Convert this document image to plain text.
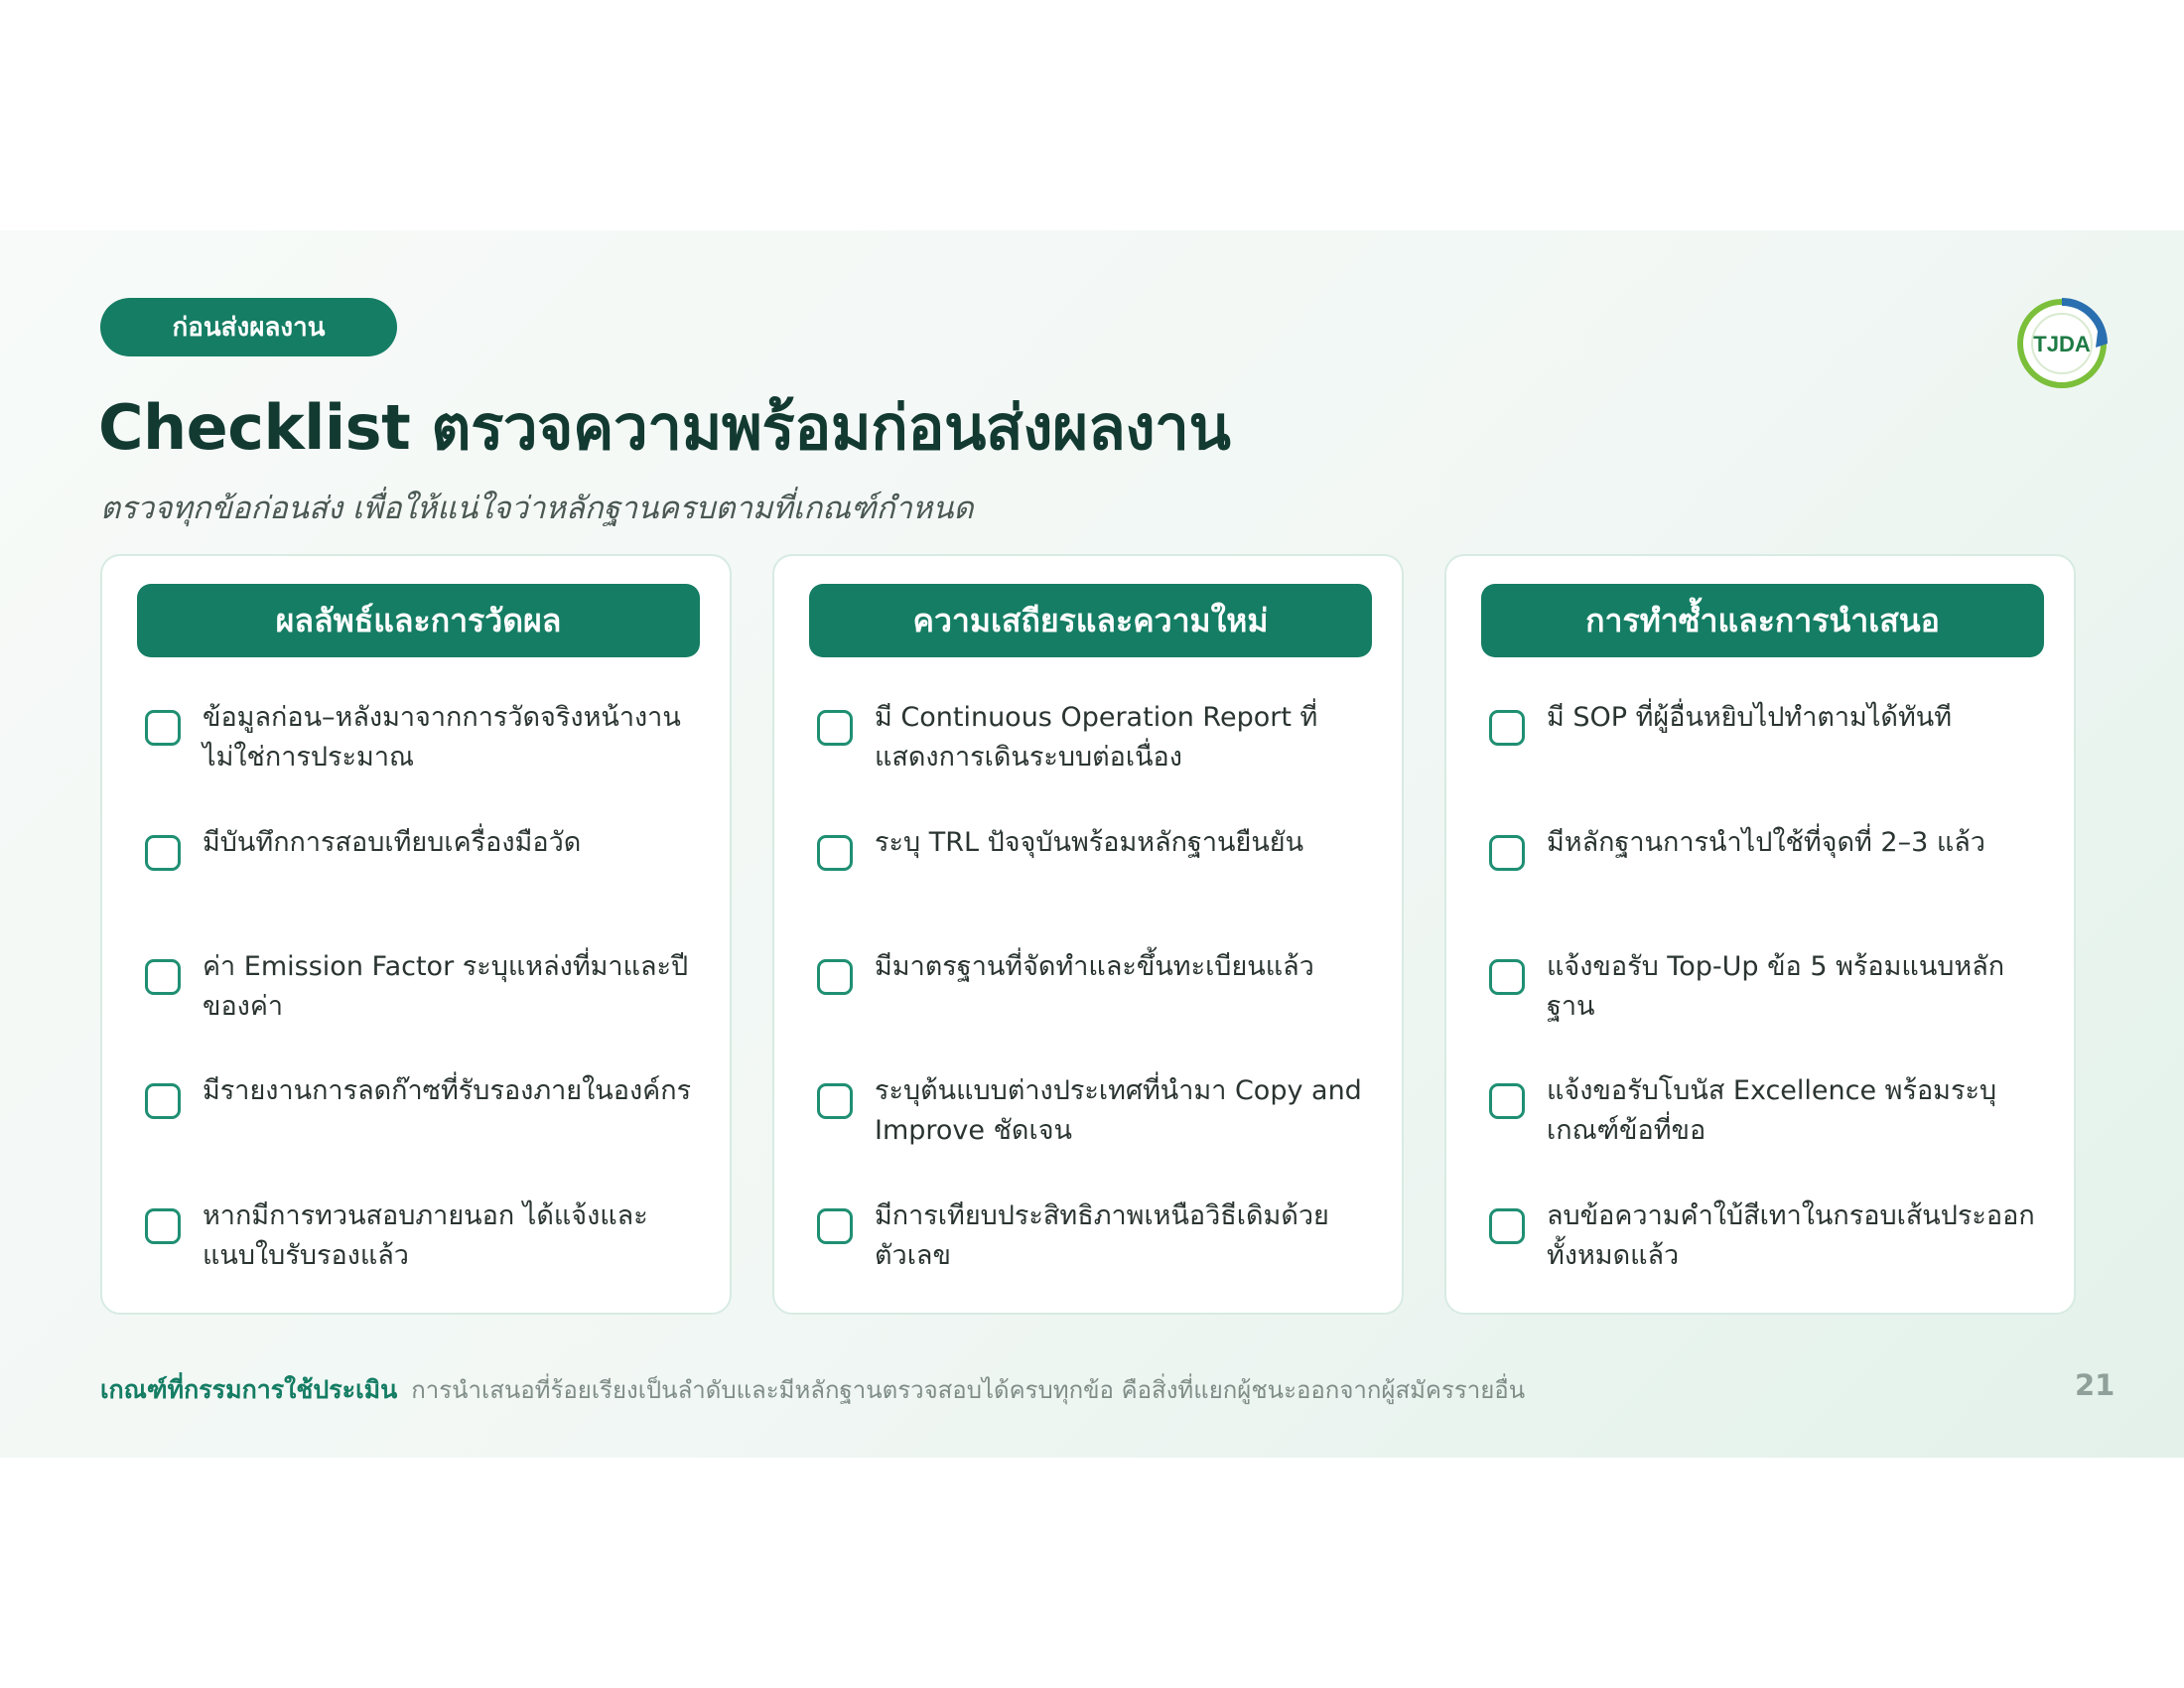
ก่อนส่งผลงาน
TJDA
Checklist ตรวจความพร้อมก่อนส่งผลงาน
ตรวจทุกข้อก่อนส่ง เพื่อให้แน่ใจว่าหลักฐานครบตามที่เกณฑ์กำหนด
ผลลัพธ์และการวัดผล
ข้อมูลก่อน–หลังมาจากการวัดจริงหน้างาน ไม่ใช่การประมาณ
มีบันทึกการสอบเทียบเครื่องมือวัด
ค่า Emission Factor ระบุแหล่งที่มาและปีของค่า
มีรายงานการลดก๊าซที่รับรองภายในองค์กร
หากมีการทวนสอบภายนอก ได้แจ้งและแนบใบรับรองแล้ว
ความเสถียรและความใหม่
มี Continuous Operation Report ที่แสดงการเดินระบบต่อเนื่อง
ระบุ TRL ปัจจุบันพร้อมหลักฐานยืนยัน
มีมาตรฐานที่จัดทำและขึ้นทะเบียนแล้ว
ระบุต้นแบบต่างประเทศที่นำมา Copy and Improve ชัดเจน
มีการเทียบประสิทธิภาพเหนือวิธีเดิมด้วยตัวเลข
การทำซ้ำและการนำเสนอ
มี SOP ที่ผู้อื่นหยิบไปทำตามได้ทันที
มีหลักฐานการนำไปใช้ที่จุดที่ 2–3 แล้ว
แจ้งขอรับ Top-Up ข้อ 5 พร้อมแนบหลักฐาน
แจ้งขอรับโบนัส Excellence พร้อมระบุเกณฑ์ข้อที่ขอ
ลบข้อความคำใบ้สีเทาในกรอบเส้นประออกทั้งหมดแล้ว
เกณฑ์ที่กรรมการใช้ประเมิน การนำเสนอที่ร้อยเรียงเป็นลำดับและมีหลักฐานตรวจสอบได้ครบทุกข้อ คือสิ่งที่แยกผู้ชนะออกจากผู้สมัครรายอื่น	21
